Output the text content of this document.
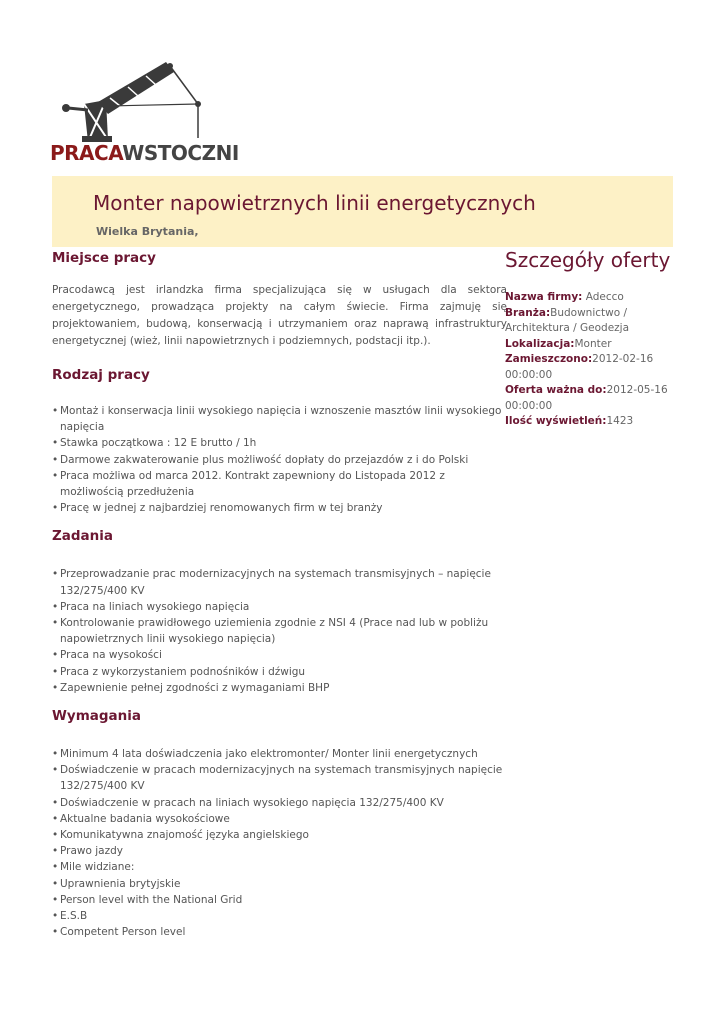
PRACAWSTOCZNI
Monter napowietrznych linii energetycznych
Wielka Brytania,
Miejsce pracy

Pracodawcą jest irlandzka firma specjalizująca się w usługach dla sektora energetycznego, prowadząca projekty na całym świecie. Firma zajmuję się projektowaniem, budową, konserwacją i utrzymaniem oraz naprawą infrastruktury energetycznej (wież, linii napowietrznych i podziemnych, podstacji itp.).

Rodzaj pracy
• Montaż i konserwacja linii wysokiego napięcia i wznoszenie masztów linii wysokiego napięcia
• Stawka początkowa : 12 E brutto / 1h
• Darmowe zakwaterowanie plus możliwość dopłaty do przejazdów z i do Polski
• Praca możliwa od marca 2012. Kontrakt zapewniony do Listopada 2012 z możliwością przedłużenia
• Pracę w jednej z najbardziej renomowanych firm w tej branży
Zadania
• Przeprowadzanie prac modernizacyjnych na systemach transmisyjnych – napięcie 132/275/400 KV
• Praca na liniach wysokiego napięcia
• Kontrolowanie prawidłowego uziemienia zgodnie z NSI 4 (Prace nad lub w pobliżu napowietrznych linii wysokiego napięcia)
• Praca na wysokości
• Praca z wykorzystaniem podnośników i dźwigu
• Zapewnienie pełnej zgodności z wymaganiami BHP
Wymagania
• Minimum 4 lata doświadczenia jako elektromonter/ Monter linii energetycznych
• Doświadczenie w pracach modernizacyjnych na systemach transmisyjnych napięcie 132/275/400 KV
• Doświadczenie w pracach na liniach wysokiego napięcia 132/275/400 KV
• Aktualne badania wysokościowe
• Komunikatywna znajomość języka angielskiego
• Prawo jazdy
• Mile widziane:
• Uprawnienia brytyjskie
• Person level with the National Grid
• E.S.B
• Competent Person level
Szczegóły oferty
Nazwa firmy: Adecco
Branża:Budownictwo / Architektura / Geodezja
Lokalizacja:Monter
Zamieszczono:2012-02-16 00:00:00
Oferta ważna do:2012-05-16 00:00:00
Ilość wyświetleń:1423
